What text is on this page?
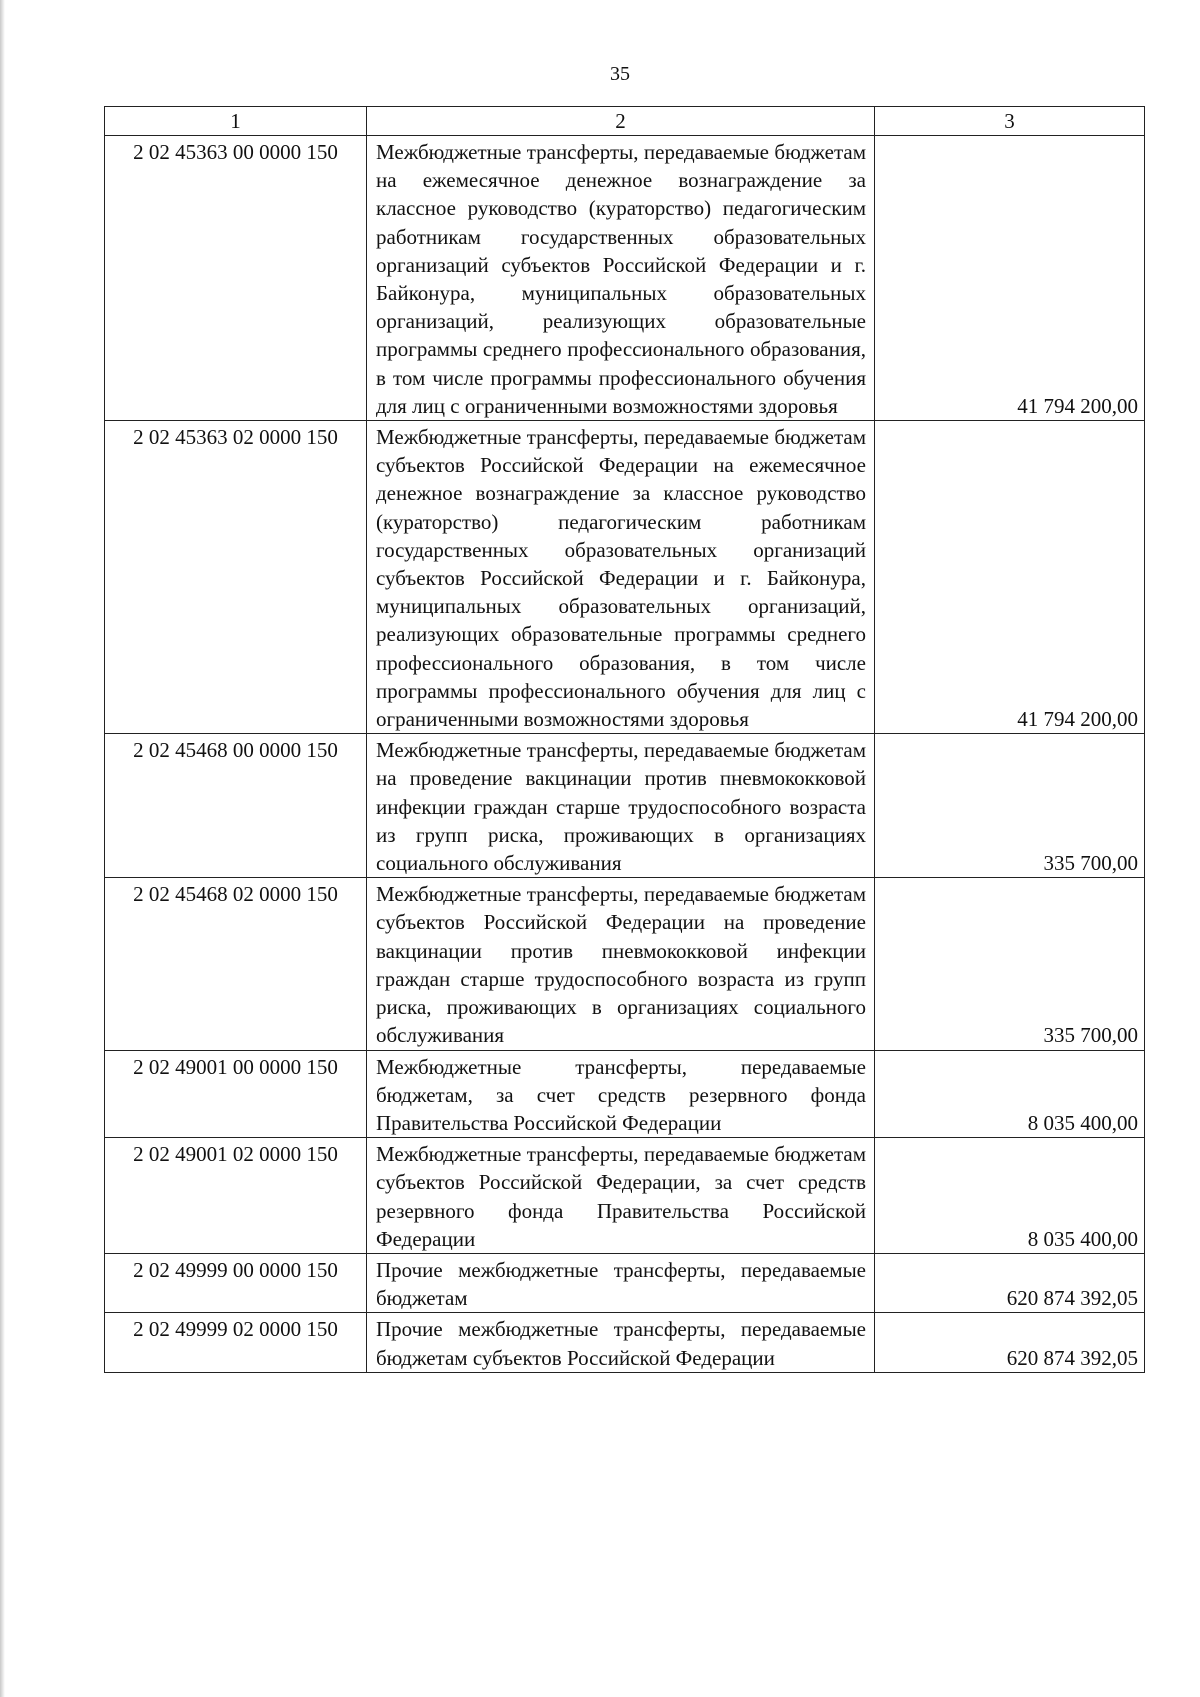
35
1	2	3
2 02 45363 00 0000 150	Межбюджетные трансферты, передаваемые бюджетам на ежемесячное денежное вознаграждение за классное руководство (кураторство) педагогическим работникам государственных образовательных организаций субъектов Российской Федерации и г. Байконура, муниципальных образовательных организаций, реализующих образовательные программы среднего профессионального образования, в том числе программы профессионального обучения для лиц с ограниченными возможностями здоровья	41 794 200,00
2 02 45363 02 0000 150	Межбюджетные трансферты, передаваемые бюджетам субъектов Российской Федерации на ежемесячное денежное вознаграждение за классное руководство (кураторство) педагогическим работникам государственных образовательных организаций субъектов Российской Федерации и г. Байконура, муниципальных образовательных организаций, реализующих образовательные программы среднего профессионального образования, в том числе программы профессионального обучения для лиц с ограниченными возможностями здоровья	41 794 200,00
2 02 45468 00 0000 150	Межбюджетные трансферты, передаваемые бюджетам на проведение вакцинации против пневмококковой инфекции граждан старше трудоспособного возраста из групп риска, проживающих в организациях социального обслуживания	335 700,00
2 02 45468 02 0000 150	Межбюджетные трансферты, передаваемые бюджетам субъектов Российской Федерации на проведение вакцинации против пневмококковой инфекции граждан старше трудоспособного возраста из групп риска, проживающих в организациях социального обслуживания	335 700,00
2 02 49001 00 0000 150	Межбюджетные трансферты, передаваемые бюджетам, за счет средств резервного фонда Правительства Российской Федерации	8 035 400,00
2 02 49001 02 0000 150	Межбюджетные трансферты, передаваемые бюджетам субъектов Российской Федерации, за счет средств резервного фонда Правительства Российской Федерации	8 035 400,00
2 02 49999 00 0000 150	Прочие межбюджетные трансферты, передаваемые бюджетам	620 874 392,05
2 02 49999 02 0000 150	Прочие межбюджетные трансферты, передаваемые бюджетам субъектов Российской Федерации	620 874 392,05
